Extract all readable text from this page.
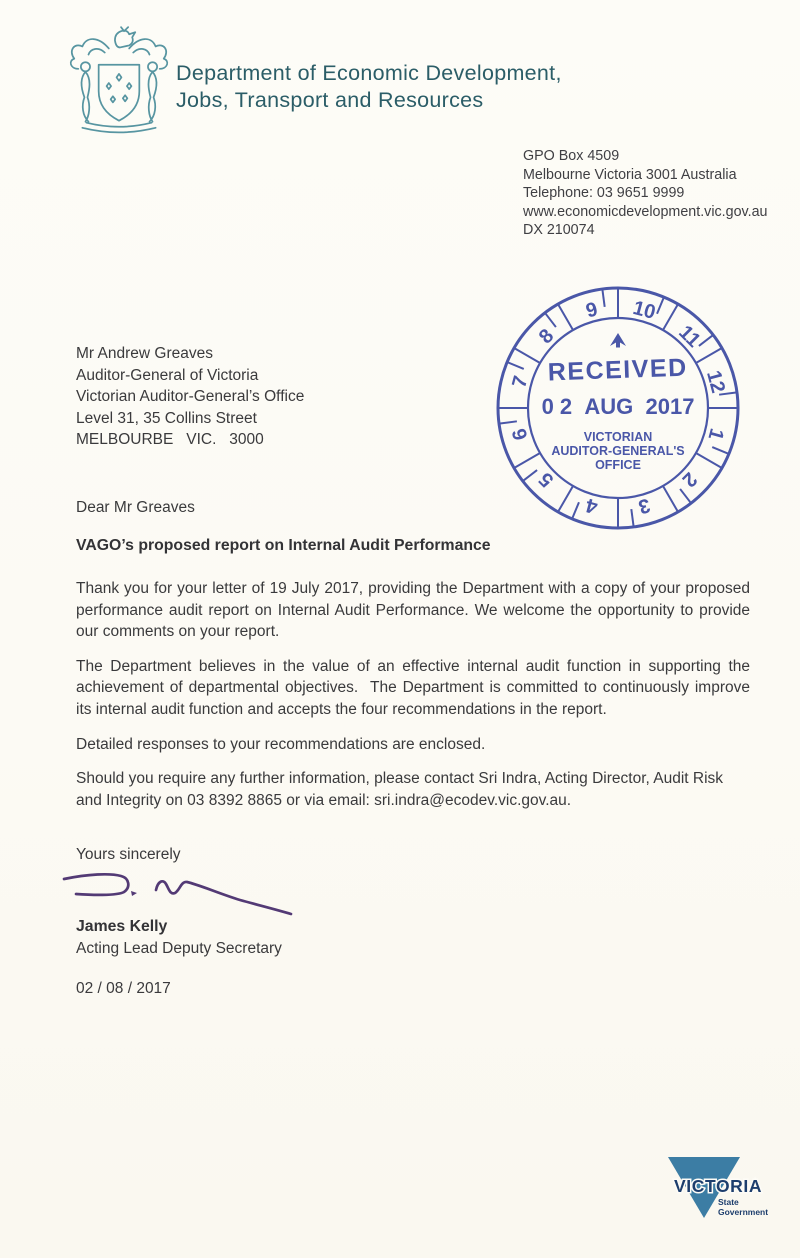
Department of Economic Development,
Jobs, Transport and Resources
GPO Box 4509
Melbourne Victoria 3001 Australia
Telephone: 03 9651 9999
www.economicdevelopment.vic.gov.au
DX 210074
1
2
3
4
5
6
7
8
9 10
11
12
RECEIVED
0 2  AUG  2017
VICTORIAN
AUDITOR-GENERAL'S
OFFICE
Mr Andrew Greaves
Auditor-General of Victoria
Victorian Auditor-General’s Office
Level 31, 35 Collins Street
MELBOURBE   VIC.   3000
Dear Mr Greaves
VAGO’s proposed report on Internal Audit Performance

Thank you for your letter of 19 July 2017, providing the Department with a copy of your proposed performance audit report on Internal Audit Performance. We welcome the opportunity to provide our comments on your report.

The Department believes in the value of an effective internal audit function in supporting the achievement of departmental objectives.  The Department is committed to continuously improve its internal audit function and accepts the four recommendations in the report.

Detailed responses to your recommendations are enclosed.

Should you require any further information, please contact Sri Indra, Acting Director, Audit Risk and Integrity on 03 8392 8865 or via email: sri.indra@ecodev.vic.gov.au.

Yours sincerely
James Kelly
Acting Lead Deputy Secretary
02 / 08 / 2017
VICTORIA
State
Government
